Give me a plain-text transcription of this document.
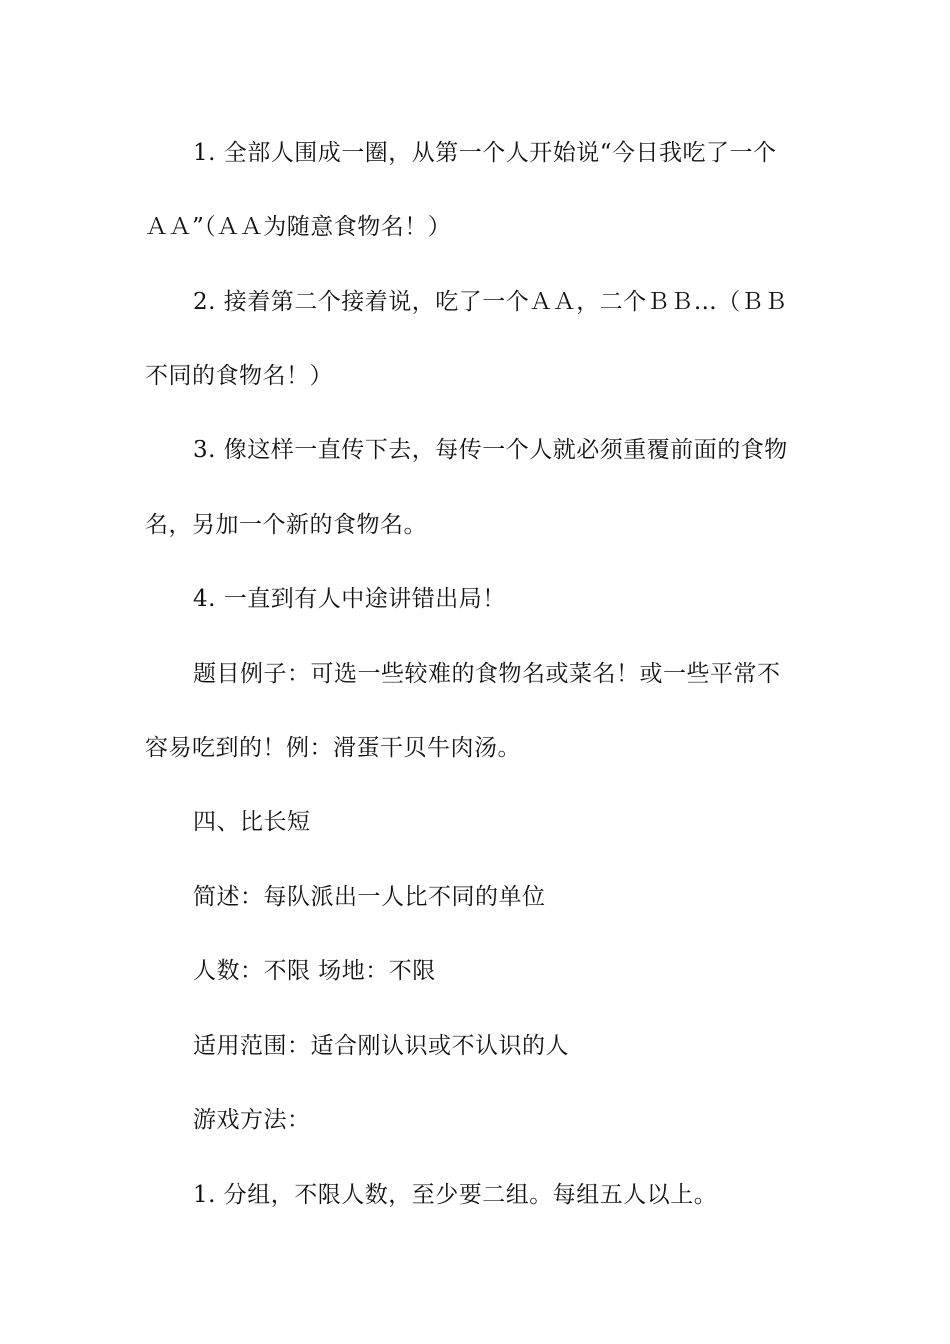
1. 全部人围成一圈，从第一个人开始说“今日我吃了一个
ＡＡ”（ＡＡ为随意食物名！）
2. 接着第二个接着说，吃了一个ＡＡ，二个ＢＢ…（ＢＢ
不同的食物名！）
3. 像这样一直传下去，每传一个人就必须重覆前面的食物
名，另加一个新的食物名。
4. 一直到有人中途讲错出局！
题目例子：可选一些较难的食物名或菜名！或一些平常不
容易吃到的！例：滑蛋干贝牛肉汤。
四、比长短
简述：每队派出一人比不同的单位
人数：不限 场地：不限
适用范围：适合刚认识或不认识的人
游戏方法：
1. 分组，不限人数，至少要二组。每组五人以上。
